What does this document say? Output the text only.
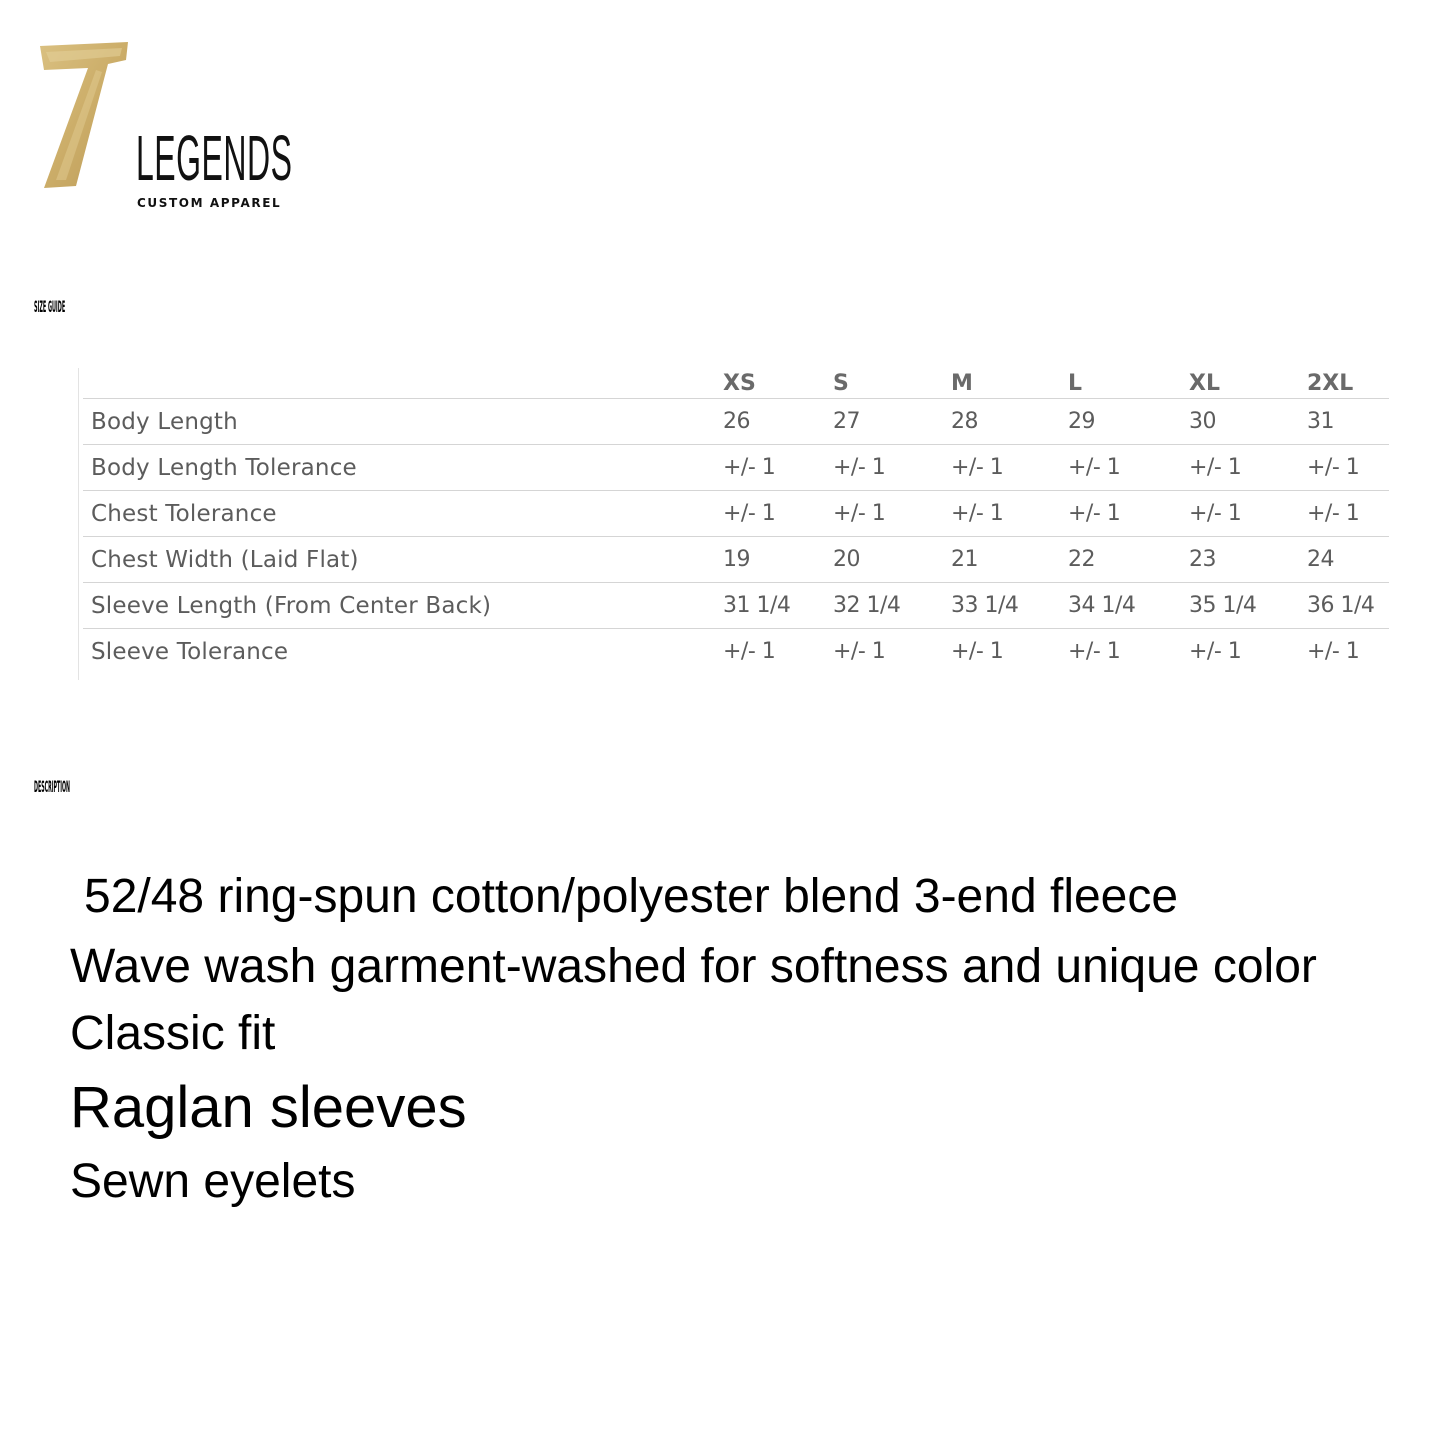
LEGENDS
CUSTOM APPAREL
SIZE GUIDE
	XS	S	M	L	XL	2XL
Body Length	26	27	28	29	30	31
Body Length Tolerance	+/- 1	+/- 1	+/- 1	+/- 1	+/- 1	+/- 1
Chest Tolerance	+/- 1	+/- 1	+/- 1	+/- 1	+/- 1	+/- 1
Chest Width (Laid Flat)	19	20	21	22	23	24
Sleeve Length (From Center Back)	31 1/4	32 1/4	33 1/4	34 1/4	35 1/4	36 1/4
Sleeve Tolerance	+/- 1	+/- 1	+/- 1	+/- 1	+/- 1	+/- 1
DESCRIPTION
52/48 ring-spun cotton/polyester blend 3-end fleece
Wave wash garment-washed for softness and unique color
Classic fit
Raglan sleeves
Sewn eyelets
